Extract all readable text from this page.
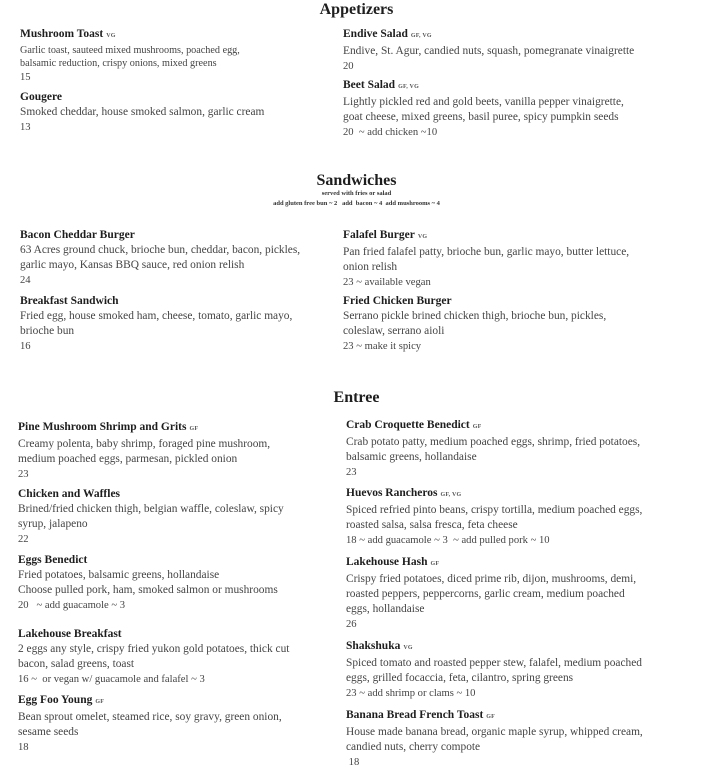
Appetizers
Mushroom Toast VG
Garlic toast, sauteed mixed mushrooms, poached egg,
balsamic reduction, crispy onions, mixed greens
15
Gougere
Smoked cheddar, house smoked salmon, garlic cream
13
Endive Salad GF, VG
Endive, St. Agur, candied nuts, squash, pomegranate vinaigrette
20
Beet Salad GF, VG
Lightly pickled red and gold beets, vanilla pepper vinaigrette,
goat cheese, mixed greens, basil puree, spicy pumpkin seeds
20  ~ add chicken ~10
Sandwiches
served with fries or salad
add gluten free bun ~ 2   add  bacon ~ 4  add mushrooms ~ 4
Bacon Cheddar Burger
63 Acres ground chuck, brioche bun, cheddar, bacon, pickles,
garlic mayo, Kansas BBQ sauce, red onion relish
24
Breakfast Sandwich
Fried egg, house smoked ham, cheese, tomato, garlic mayo,
brioche bun
16
Falafel Burger VG
Pan fried falafel patty, brioche bun, garlic mayo, butter lettuce,
onion relish
23 ~ available vegan
Fried Chicken Burger
Serrano pickle brined chicken thigh, brioche bun, pickles,
coleslaw, serrano aioli
23 ~ make it spicy
Entree
Pine Mushroom Shrimp and Grits GF
Creamy polenta, baby shrimp, foraged pine mushroom,
medium poached eggs, parmesan, pickled onion
23
Chicken and Waffles
Brined/fried chicken thigh, belgian waffle, coleslaw, spicy
syrup, jalapeno
22
Eggs Benedict
Fried potatoes, balsamic greens, hollandaise
Choose pulled pork, ham, smoked salmon or mushrooms
20   ~ add guacamole ~ 3
Lakehouse Breakfast
2 eggs any style, crispy fried yukon gold potatoes, thick cut
bacon, salad greens, toast
16 ~  or vegan w/ guacamole and falafel ~ 3
Egg Foo Young GF
Bean sprout omelet, steamed rice, soy gravy, green onion,
sesame seeds
18
Crab Croquette Benedict GF
Crab potato patty, medium poached eggs, shrimp, fried potatoes,
balsamic greens, hollandaise
23
Huevos Rancheros GF, VG
Spiced refried pinto beans, crispy tortilla, medium poached eggs,
roasted salsa, salsa fresca, feta cheese
18 ~ add guacamole ~ 3  ~ add pulled pork ~ 10
Lakehouse Hash GF
Crispy fried potatoes, diced prime rib, dijon, mushrooms, demi,
roasted peppers, peppercorns, garlic cream, medium poached
eggs, hollandaise
26
Shakshuka VG
Spiced tomato and roasted pepper stew, falafel, medium poached
eggs, grilled focaccia, feta, cilantro, spring greens
23 ~ add shrimp or clams ~ 10
Banana Bread French Toast GF
House made banana bread, organic maple syrup, whipped cream,
candied nuts, cherry compote
18
